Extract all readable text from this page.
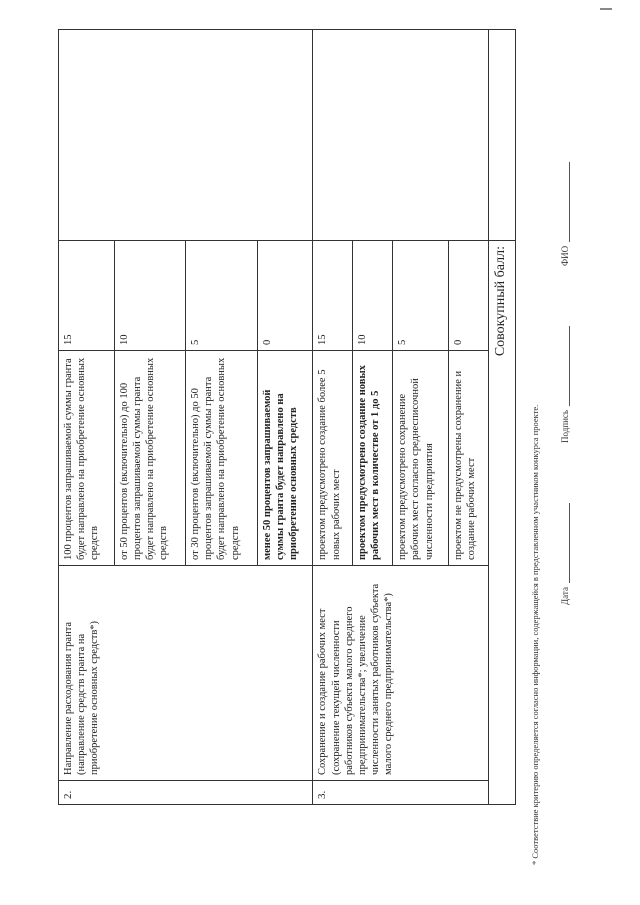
2.	Направление расходования гранта (направление средств гранта на приобретение основных средств*)	100 процентов запрашиваемой суммы гранта будет направлено на приобретение основных средств	15	
		от 50 процентов (включительно) до 100 процентов запрашиваемой суммы гранта будет направлено на приобретение основных средств	10	
		от 30 процентов (включительно) до 50 процентов запрашиваемой суммы гранта будет направлено на приобретение основных средств	5	
		менее 50 процентов запрашиваемой суммы гранта будет направлено на приобретение основных средств	0	
3.	Сохранение и создание рабочих мест (сохранение текущей численности работников субъекта малого среднего предпринимательства*; увеличение численности занятых работников субъекта малого среднего предпринимательства*)	проектом предусмотрено создание более 5 новых рабочих мест	15	
		проектом предусмотрено создание новых рабочих мест в количестве от 1 до 5	10	
		проектом предусмотрено сохранение рабочих мест согласно среднесписочной численности предприятия	5	
		проектом не предусмотрены сохранение и создание рабочих мест	0	
Совокупный балл:				
* Соответствие критерию определяется согласно информации, содержащейся в представленном участником конкурса проекте. Дата
Подпись
ФИО
